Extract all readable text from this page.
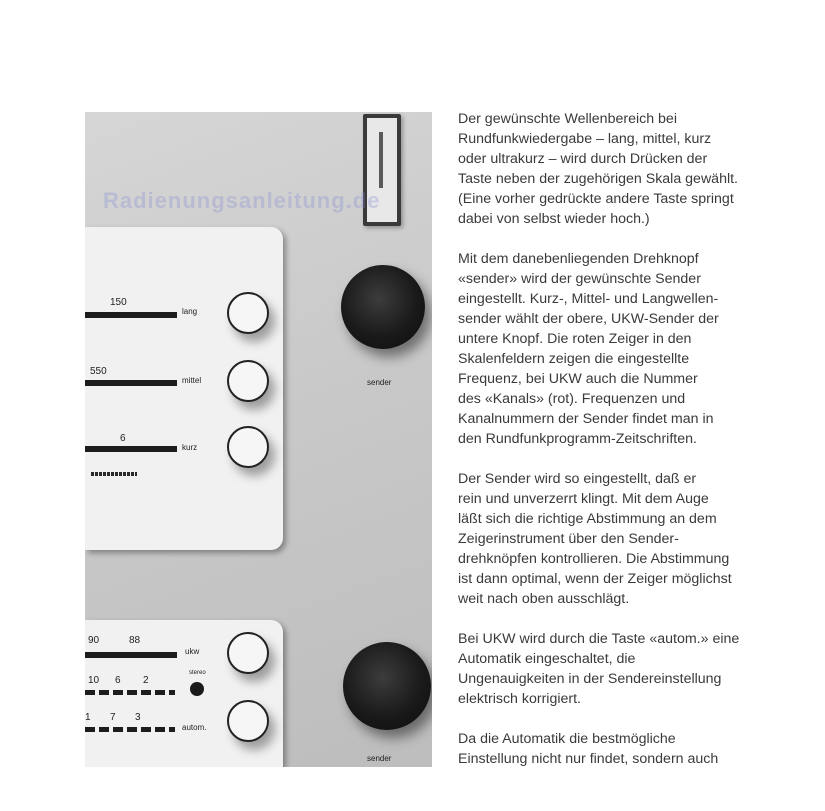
Radienungsanleitung.de
150
lang
550
mittel
6
kurz
sender
90	88
ukw
stereo
10 6 2
1 7 3
autom.
sender

Der gewünschte Wellenbereich bei
Rundfunkwiedergabe – lang, mittel, kurz
oder ultrakurz – wird durch Drücken der
Taste neben der zugehörigen Skala gewählt.
(Eine vorher gedrückte andere Taste springt
dabei von selbst wieder hoch.)

Mit dem danebenliegenden Drehknopf
«sender» wird der gewünschte Sender
eingestellt. Kurz-, Mittel- und Langwellen-
sender wählt der obere, UKW-Sender der
untere Knopf. Die roten Zeiger in den
Skalenfeldern zeigen die eingestellte
Frequenz, bei UKW auch die Nummer
des «Kanals» (rot). Frequenzen und
Kanalnummern der Sender findet man in
den Rundfunkprogramm-Zeitschriften.

Der Sender wird so eingestellt, daß er
rein und unverzerrt klingt. Mit dem Auge
läßt sich die richtige Abstimmung an dem
Zeigerinstrument über den Sender-
drehknöpfen kontrollieren. Die Abstimmung
ist dann optimal, wenn der Zeiger möglichst
weit nach oben ausschlägt.

Bei UKW wird durch die Taste «autom.» eine
Automatik eingeschaltet, die
Ungenauigkeiten in der Sendereinstellung
elektrisch korrigiert.

Da die Automatik die bestmögliche
Einstellung nicht nur findet, sondern auch
